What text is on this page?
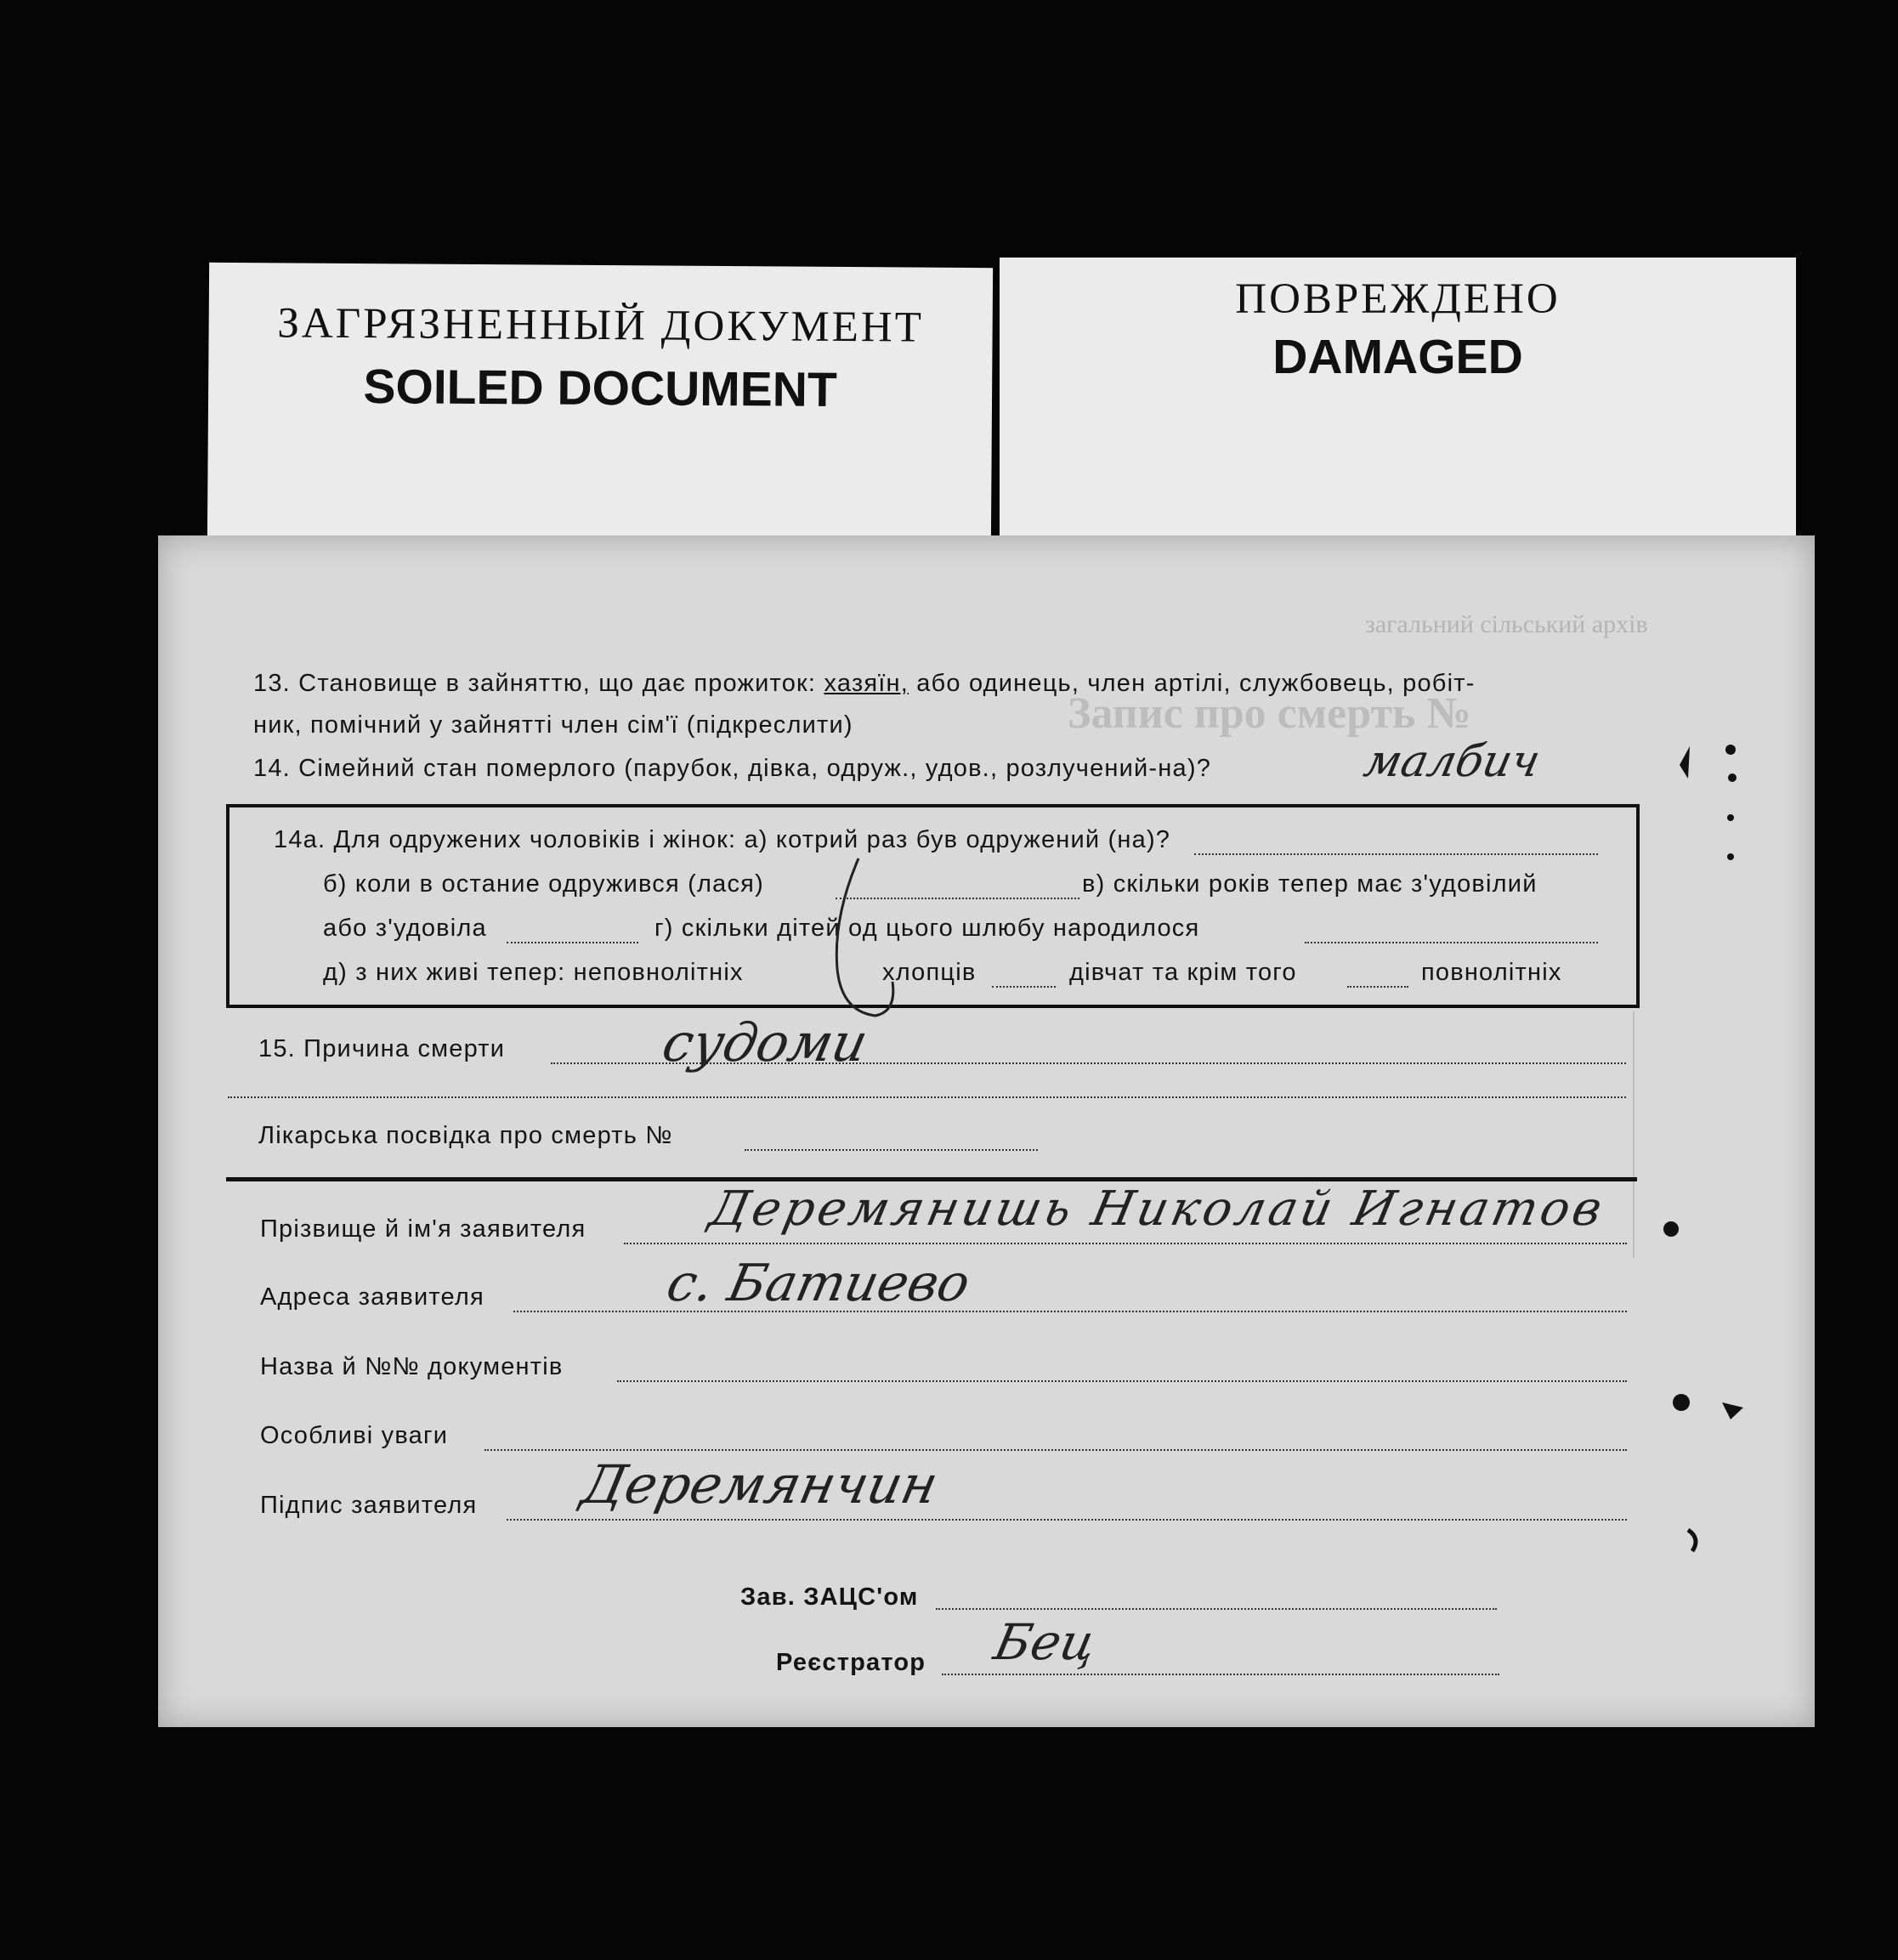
ЗАГРЯЗНЕННЫЙ ДОКУМЕНТ
SOILED DOCUMENT
ПОВРЕЖДЕНО
DAMAGED
загальний сільський архів
Запис про смерть №
13. Становище в зайняттю, що дає прожиток: хазяїн, або одинець, член артілі, службовець, робіт-
ник, помічний у зайнятті член сім'ї (підкреслити)
14. Сімейний стан померлого (парубок, дівка, одруж., удов., розлучений-на)?	малбич
14а. Для одружених чоловіків і жінок: а) котрий раз був одружений (на)?
б) коли в остание одружився (лася)	в) скільки років тепер має з'удовілий
або з'удовіла	г) скільки дітей од цього шлюбу народилося
д) з них живі тепер: неповнолітніх	хлопців	дівчат та крім того	повнолітніх
15. Причина смерти	судоми
Лікарська посвідка про смерть №
Прізвище й ім'я заявителя Деремянишь Николай Игнатов
Адреса заявителя	с. Батиево
Назва й №№ документів
Особливі уваги
Підпис заявителя Деремянчин
Зав. ЗАЦС'ом
Реєстратор Бец
